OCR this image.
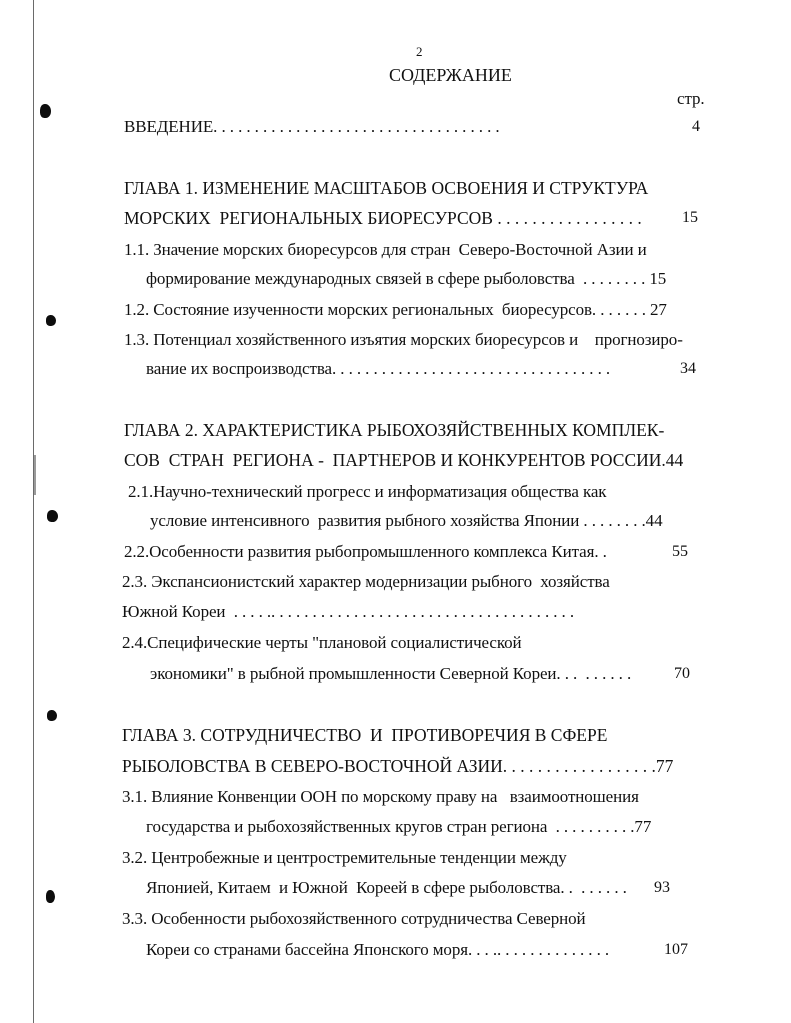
2
СОДЕРЖАНИЕ
стр.
ВВЕДЕНИЕ. . . . . . . . . . . . . . . . . . . . . . . . . . . . . . . . . . .	4
ГЛАВА 1. ИЗМЕНЕНИЕ МАСШТАБОВ ОСВОЕНИЯ И СТРУКТУРА
МОРСКИХ  РЕГИОНАЛЬНЫХ БИОРЕСУРСОВ . . . . . . . . . . . . . . . . .	15
1.1. Значение морских биоресурсов для стран  Северо-Восточной Азии и
формирование международных связей в сфере рыболовства  . . . . . . . . 15
1.2. Состояние изученности морских региональных  биоресурсов. . . . . . . 27
1.3. Потенциал хозяйственного изъятия морских биоресурсов и    прогнозиро-
вание их воспроизводства. . . . . . . . . . . . . . . . . . . . . . . . . . . . . . . . . .	34
ГЛАВА 2. ХАРАКТЕРИСТИКА РЫБОХОЗЯЙСТВЕННЫХ КОМПЛЕК-
СОВ  СТРАН  РЕГИОНА -  ПАРТНЕРОВ И КОНКУРЕНТОВ РОССИИ.44
2.1.Научно-технический прогресс и информатизация общества как
условие интенсивного  развития рыбного хозяйства Японии . . . . . . . .44
2.2.Особенности развития рыбопромышленного комплекса Китая. .	55
2.3. Экспансионистский характер модернизации рыбного  хозяйства
Южной Кореи  . . . . .. . . . . . . . . . . . . . . . . . . . . . . . . . . . . . . . . . . . .
2.4.Специфические черты "плановой социалистической
экономики" в рыбной промышленности Северной Кореи. . .  . . . . . .	70
ГЛАВА 3. СОТРУДНИЧЕСТВО  И  ПРОТИВОРЕЧИЯ В СФЕРЕ
РЫБОЛОВСТВА В СЕВЕРО-ВОСТОЧНОЙ АЗИИ. . . . . . . . . . . . . . . . . .77
3.1. Влияние Конвенции ООН по морскому праву на   взаимоотношения
государства и рыбохозяйственных кругов стран региона  . . . . . . . . . .77
3.2. Центробежные и центростремительные тенденции между
Японией, Китаем  и Южной  Кореей в сфере рыболовства. .  . . . . . .	93
3.3. Особенности рыбохозяйственного сотрудничества Северной
Кореи со странами бассейна Японского моря. . . .. . . . . . . . . . . . . .	107
